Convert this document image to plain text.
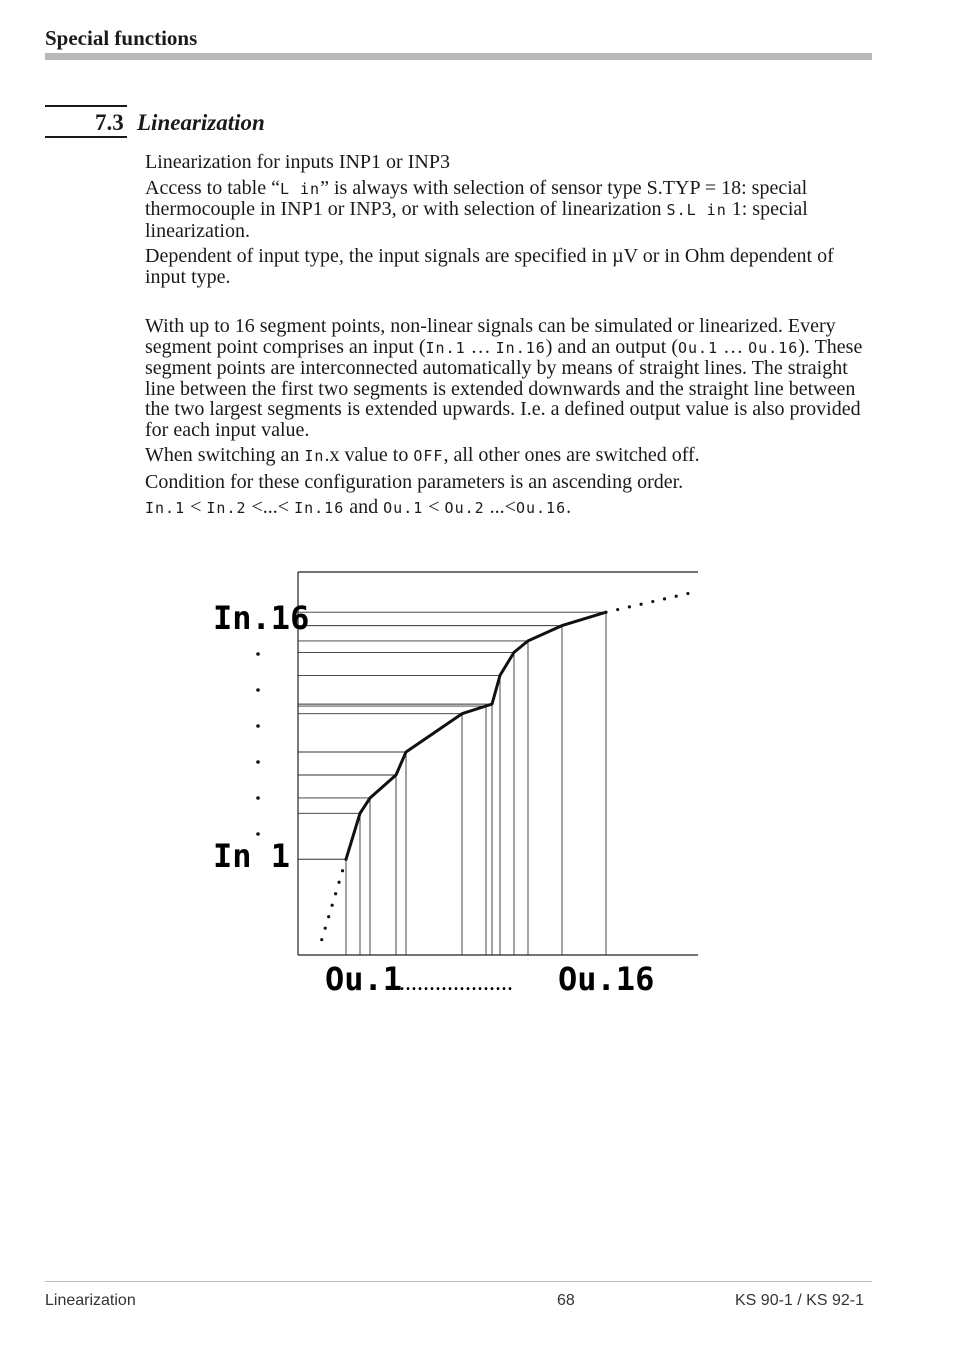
Special functions
7.3 Linearization

Linearization for inputs INP1 or INP3

Access to table “L in” is always with selection of sensor type S.TYP = 18: special thermocouple in INP1 or INP3, or with selection of linearization S.L in 1: special linearization.

Dependent of input type, the input signals are specified in µV or in Ohm dependent of input type.

With up to 16 segment points, non-linear signals can be simulated or linearized. Every segment point comprises an input (In.1 … In.16) and an output (Ou.1 … Ou.16). These segment points are interconnected automatically by means of straight lines. The straight line between the first two segments is extended downwards and the straight line between the two largest segments is extended upwards. I.e. a defined output value is also provided for each input value.

When switching an In.x value to OFF, all other ones are switched off.

Condition for these configuration parameters is an ascending order.

In.1 < In.2 <...< In.16 and Ou.1 < Ou.2 ...<Ou.16.

In.16
In 1
Ou.1
..................... Ou.16
Linearization	68	KS 90-1 / KS 92-1
